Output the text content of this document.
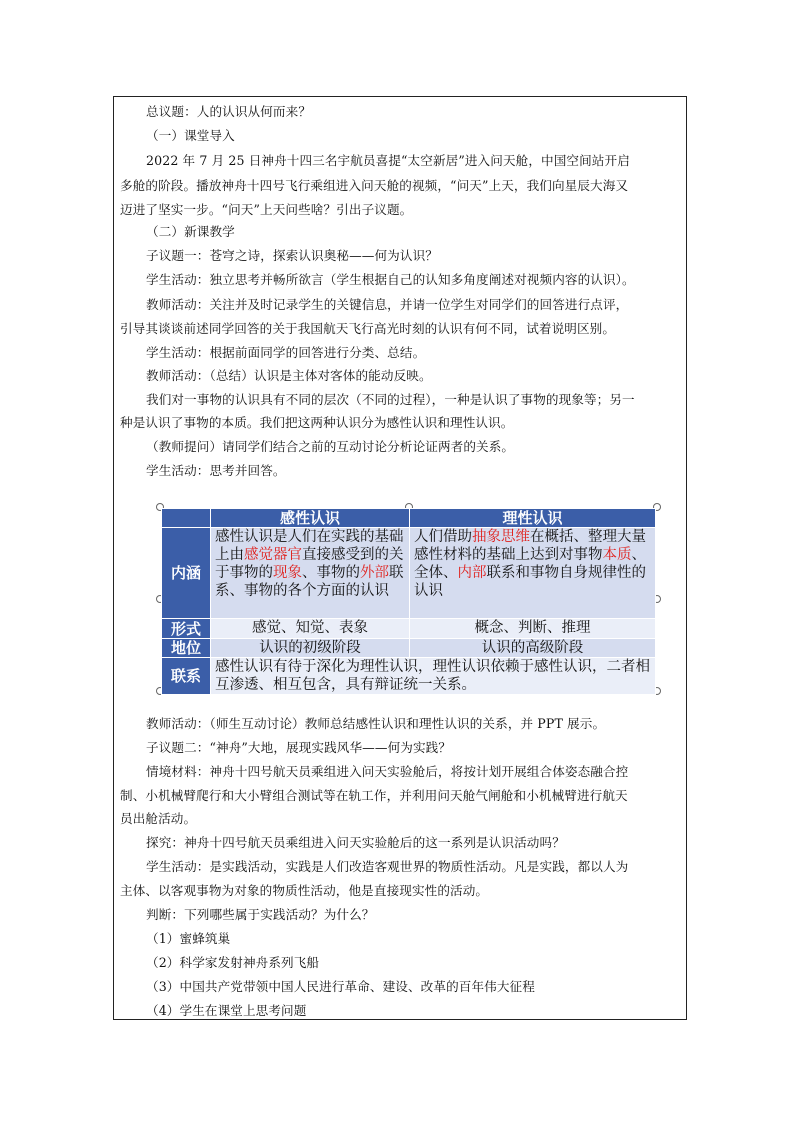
总议题：人的认识从何而来？
（一）课堂导入
2022 年 7 月 25 日神舟十四三名宇航员喜提“太空新居”进入问天舱，中国空间站开启
多舱的阶段。播放神舟十四号飞行乘组进入问天舱的视频，“问天”上天，我们向星辰大海又
迈进了坚实一步。“问天”上天问些啥？引出子议题。
（二）新课教学
子议题一：苍穹之诗，探索认识奥秘——何为认识？
学生活动：独立思考并畅所欲言（学生根据自己的认知多角度阐述对视频内容的认识）。
教师活动：关注并及时记录学生的关键信息，并请一位学生对同学们的回答进行点评，
引导其谈谈前述同学回答的关于我国航天飞行高光时刻的认识有何不同，试着说明区别。
学生活动：根据前面同学的回答进行分类、总结。
教师活动：（总结）认识是主体对客体的能动反映。
我们对一事物的认识具有不同的层次（不同的过程），一种是认识了事物的现象等；另一
种是认识了事物的本质。我们把这两种认识分为感性认识和理性认识。
（教师提问）请同学们结合之前的互动讨论分析论证两者的关系。
学生活动：思考并回答。
	感性认识	理性认识
内涵	感性认识是人们在实践的基础上由感觉器官直接感受到的关于事物的现象、事物的外部联系、事物的各个方面的认识	人们借助抽象思维在概括、整理大量感性材料的基础上达到对事物本质、全体、内部联系和事物自身规律性的认识
形式	感觉、知觉、表象	概念、判断、推理
地位	认识的初级阶段	认识的高级阶段
联系	感性认识有待于深化为理性认识，理性认识依赖于感性认识，二者相互渗透、相互包含，具有辩证统一关系。	
教师活动：（师生互动讨论）教师总结感性认识和理性认识的关系，并 PPT 展示。
子议题二：“神舟”大地，展现实践风华——何为实践？
情境材料：神舟十四号航天员乘组进入问天实验舱后，将按计划开展组合体姿态融合控
制、小机械臂爬行和大小臂组合测试等在轨工作，并利用问天舱气闸舱和小机械臂进行航天
员出舱活动。
探究：神舟十四号航天员乘组进入问天实验舱后的这一系列是认识活动吗？
学生活动：是实践活动，实践是人们改造客观世界的物质性活动。凡是实践，都以人为
主体、以客观事物为对象的物质性活动，他是直接现实性的活动。
判断：下列哪些属于实践活动？为什么？
（1）蜜蜂筑巢
（2）科学家发射神舟系列飞船
（3）中国共产党带领中国人民进行革命、建设、改革的百年伟大征程
（4）学生在课堂上思考问题
